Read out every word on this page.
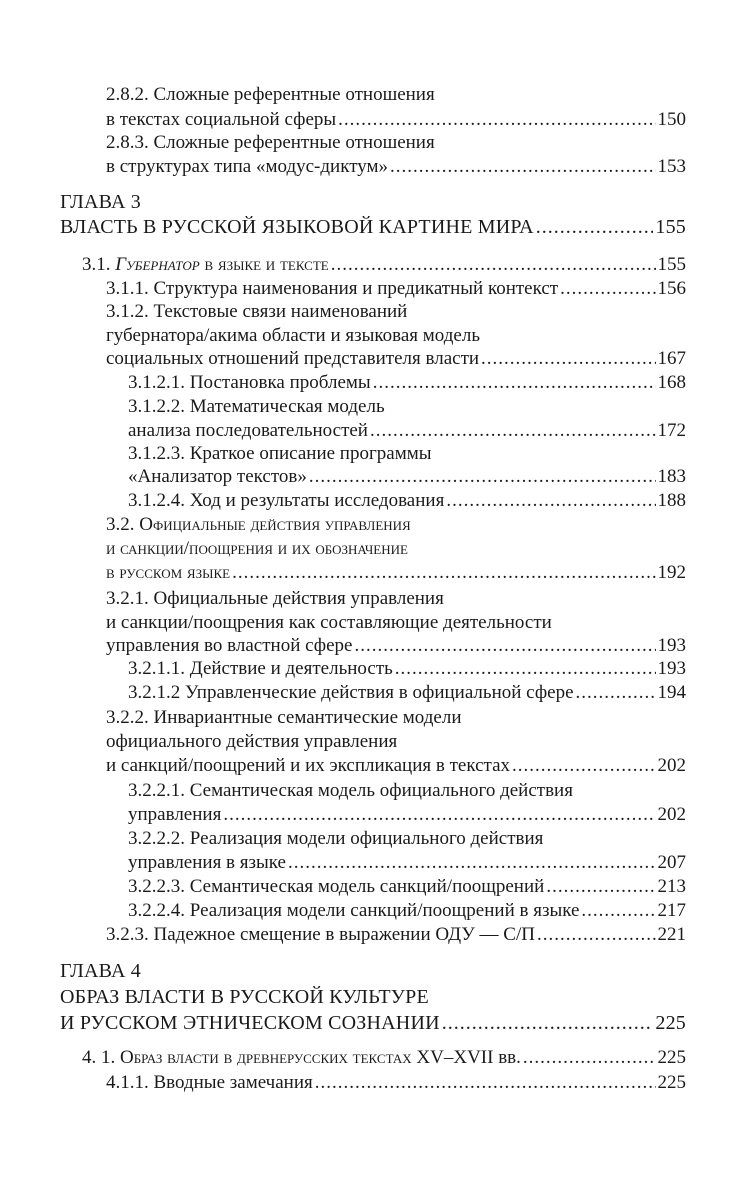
2.8.2. Сложные референтные отношения
в текстах социальной сферы .....	150
2.8.3. Сложные референтные отношения
в структурах типа «модус-диктум» .....	153
ГЛАВА 3
ВЛАСТЬ В РУССКОЙ ЯЗЫКОВОЙ КАРТИНЕ МИРА .....	155
3.1. Губернатор в языке и тексте .....	155
3.1.1. Структура наименования и предикатный контекст .....	156
3.1.2. Текстовые связи наименований
губернатора/акима области и языковая модель
социальных отношений представителя власти .....	167
3.1.2.1. Постановка проблемы .....	168
3.1.2.2. Математическая модель
анализа последовательностей .....	172
3.1.2.3. Краткое описание программы
«Анализатор текстов» .....	183
3.1.2.4. Ход и результаты исследования .....	188
3.2. Официальные действия управления
и санкции/поощрения и их обозначение
в русском языке .....	192
3.2.1. Официальные действия управления
и санкции/поощрения как составляющие деятельности
управления во властной сфере .....	193
3.2.1.1. Действие и деятельность .....	193
3.2.1.2 Управленческие действия в официальной сфере .....	194
3.2.2. Инвариантные семантические модели
официального действия управления
и санкций/поощрений и их экспликация в текстах .....	202
3.2.2.1. Семантическая модель официального действия
управления .....	202
3.2.2.2. Реализация модели официального действия
управления в языке .....	207
3.2.2.3. Семантическая модель санкций/поощрений .....	213
3.2.2.4. Реализация модели санкций/поощрений в языке .....	217
3.2.3. Падежное смещение в выражении ОДУ — С/П .....	221
ГЛАВА 4
ОБРАЗ ВЛАСТИ В РУССКОЙ КУЛЬТУРЕ
И РУССКОМ ЭТНИЧЕСКОМ СОЗНАНИИ .....	225
4. 1. Образ власти в древнерусских текстах XV–XVII вв. .....	225
4.1.1. Вводные замечания .....	225
